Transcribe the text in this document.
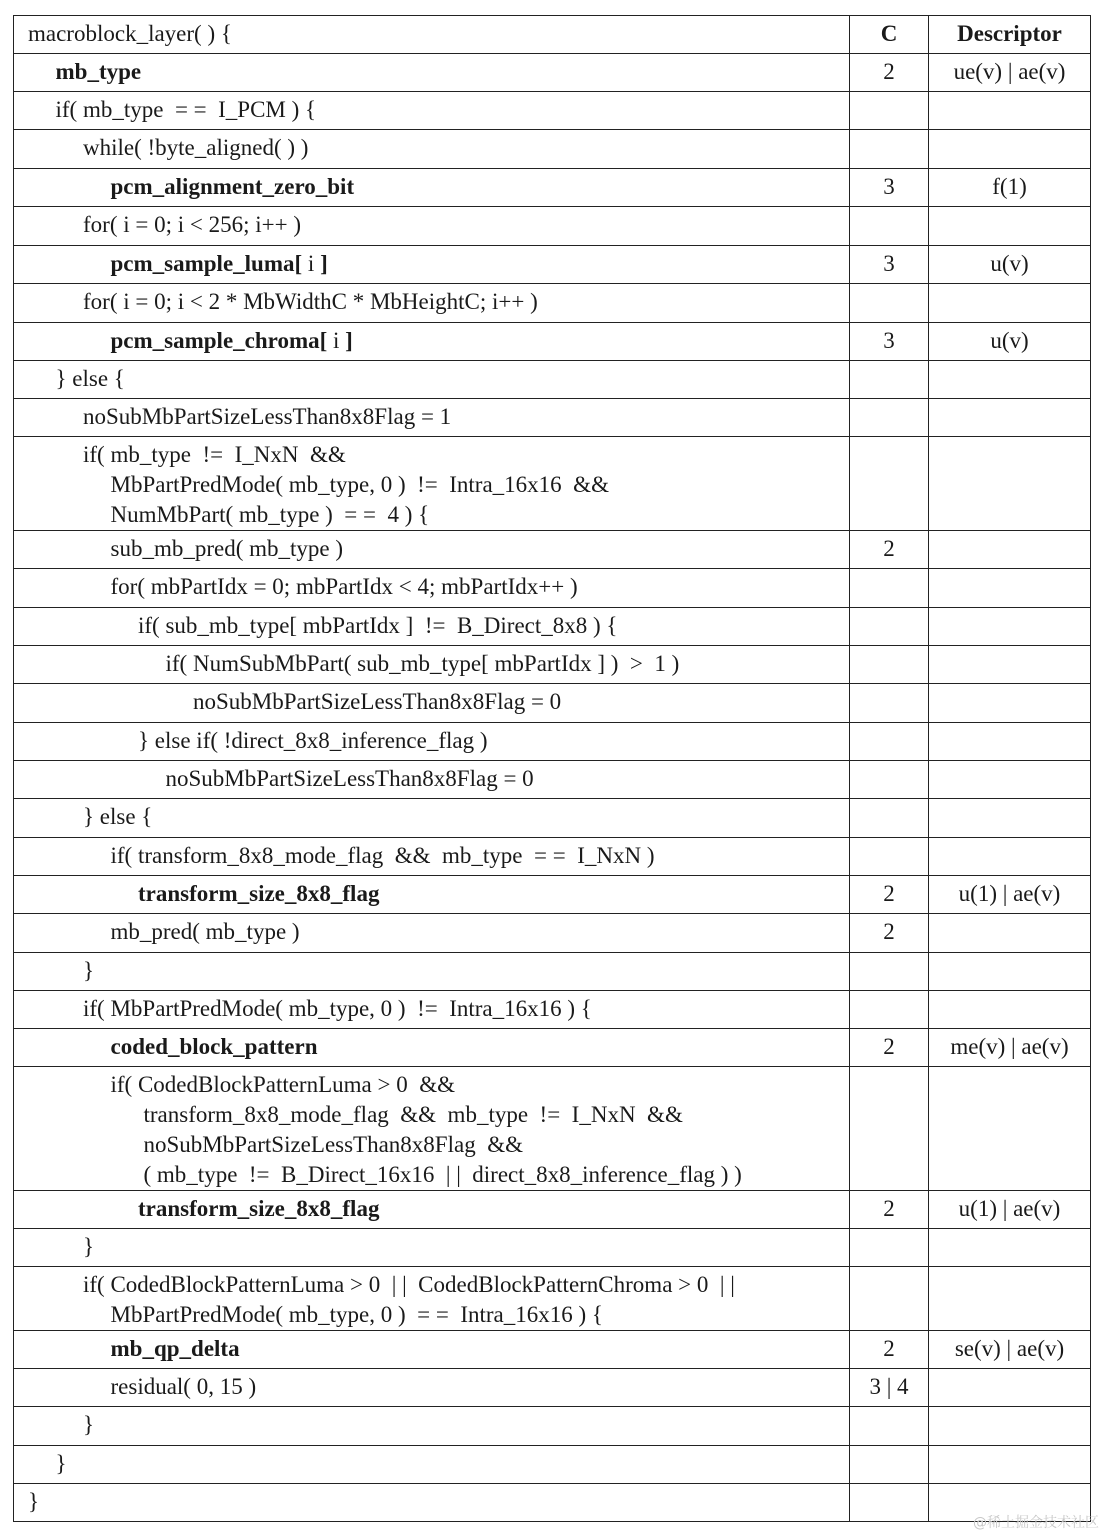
macroblock_layer( ) {	C	Descriptor

mb_type	2	ue(v) | ae(v)

if( mb_type  = =  I_PCM ) {		

while( !byte_aligned( ) )		

pcm_alignment_zero_bit	3	f(1)

for( i = 0; i < 256; i++ )		

pcm_sample_luma[ i ]	3	u(v)

for( i = 0; i < 2 * MbWidthC * MbHeightC; i++ )		

pcm_sample_chroma[ i ]	3	u(v)

} else {		

noSubMbPartSizeLessThan8x8Flag = 1		

if( mb_type  !=  I_NxN  &&
MbPartPredMode( mb_type, 0 )  !=  Intra_16x16  &&
NumMbPart( mb_type )  = =  4 ) {		

sub_mb_pred( mb_type )	2	

for( mbPartIdx = 0; mbPartIdx < 4; mbPartIdx++ )		

if( sub_mb_type[ mbPartIdx ]  !=  B_Direct_8x8 ) {		

if( NumSubMbPart( sub_mb_type[ mbPartIdx ] )  >  1 )		

noSubMbPartSizeLessThan8x8Flag = 0		

} else if( !direct_8x8_inference_flag )		

noSubMbPartSizeLessThan8x8Flag = 0		

} else {		

if( transform_8x8_mode_flag  &&  mb_type  = =  I_NxN )		

transform_size_8x8_flag	2	u(1) | ae(v)

mb_pred( mb_type )	2	

}		

if( MbPartPredMode( mb_type, 0 )  !=  Intra_16x16 ) {		

coded_block_pattern	2	me(v) | ae(v)

if( CodedBlockPatternLuma > 0  &&
transform_8x8_mode_flag  &&  mb_type  !=  I_NxN  &&
noSubMbPartSizeLessThan8x8Flag  &&
( mb_type  !=  B_Direct_16x16  | |  direct_8x8_inference_flag ) )		

transform_size_8x8_flag	2	u(1) | ae(v)

}		

if( CodedBlockPatternLuma > 0  | |  CodedBlockPatternChroma > 0  | |
MbPartPredMode( mb_type, 0 )  = =  Intra_16x16 ) {		

mb_qp_delta	2	se(v) | ae(v)

residual( 0, 15 )	3 | 4	

}		

}		

}		

@稀土掘金技术社区
